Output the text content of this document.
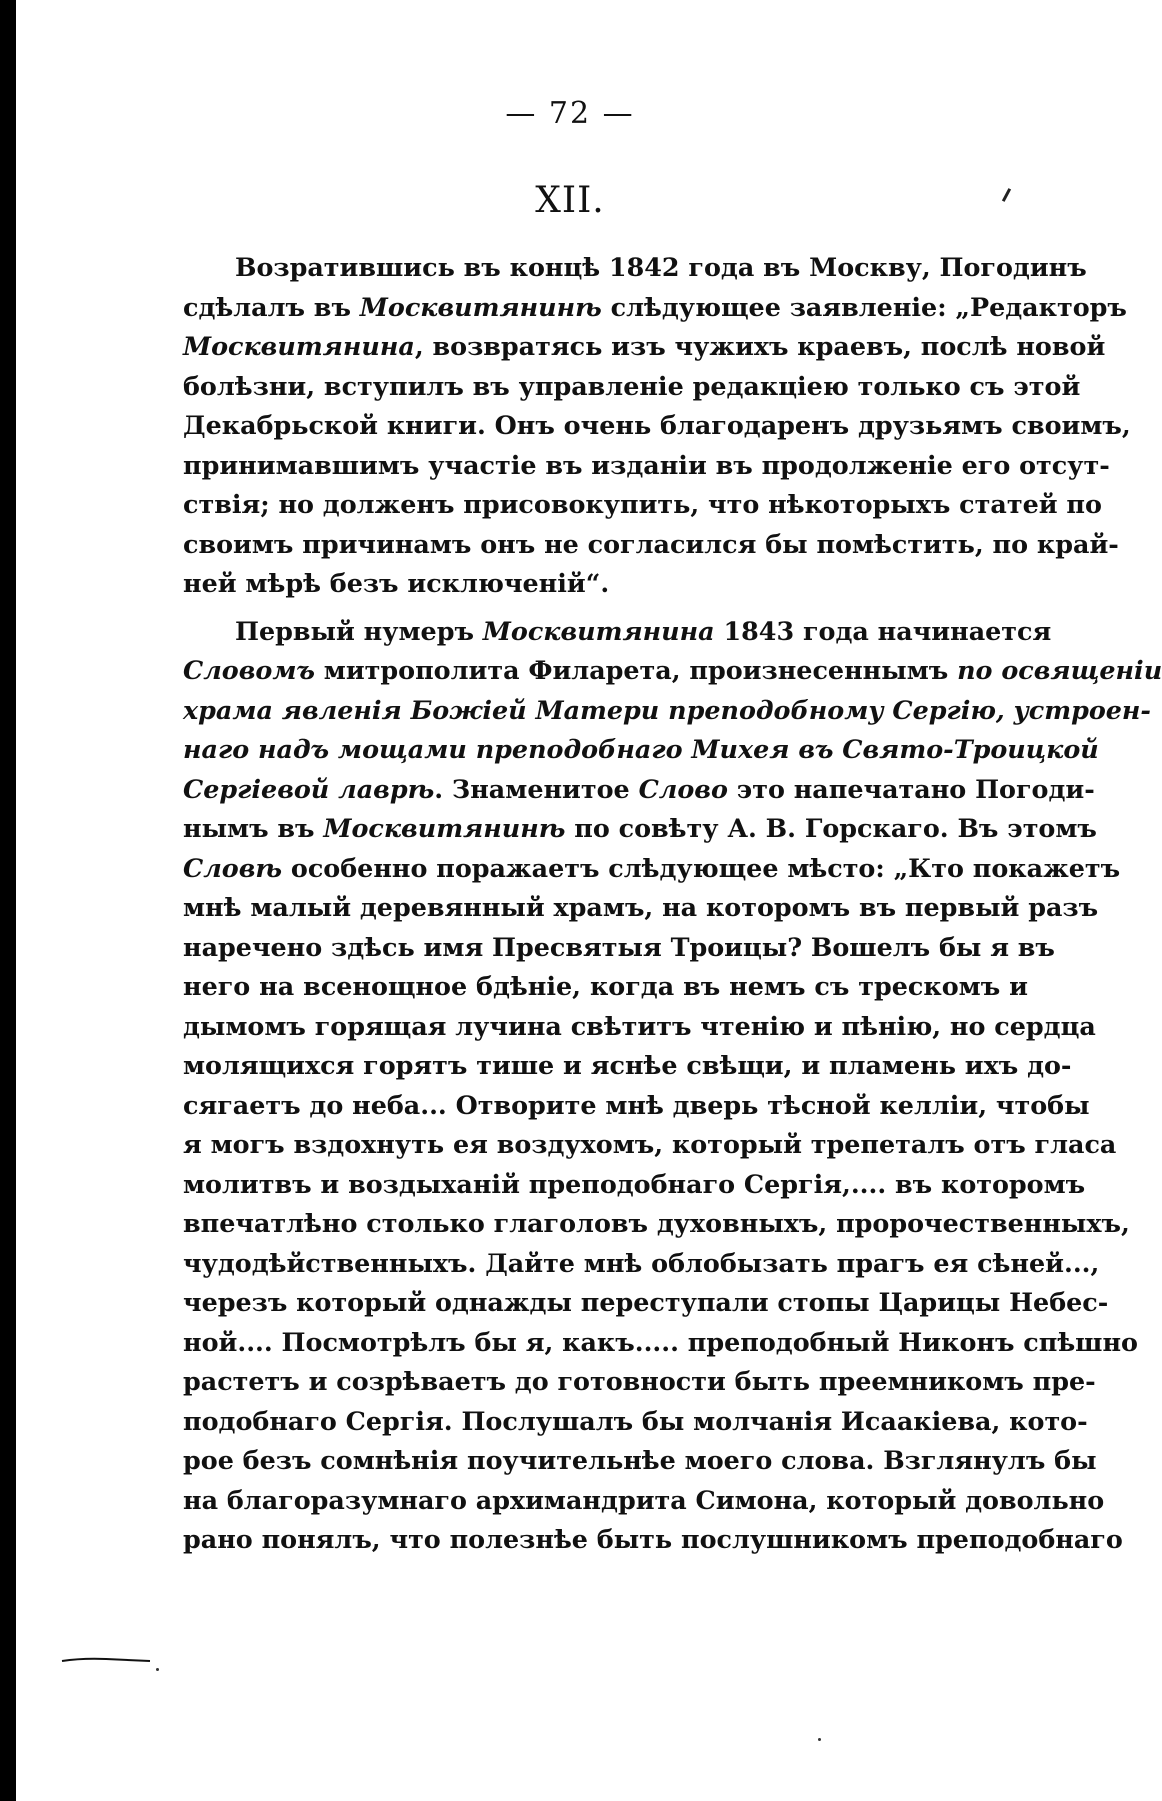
— 72 —
XII.
Возратившись въ концѣ 1842 года въ Москву, Погодинъ
сдѣлалъ въ Москвитянинѣ слѣдующее заявленіе: „Редакторъ
Москвитянина, возвратясь изъ чужихъ краевъ, послѣ новой
болѣзни, вступилъ въ управленіе редакціею только съ этой
Декабрьской книги. Онъ очень благодаренъ друзьямъ своимъ,
принимавшимъ участіе въ изданіи въ продолженіе его отсут-
ствія; но долженъ присовокупить, что нѣкоторыхъ статей по
своимъ причинамъ онъ не согласился бы помѣстить, по край-
ней мѣрѣ безъ исключеній“.
Первый нумеръ Москвитянина 1843 года начинается
Словомъ митрополита Филарета, произнесеннымъ по освященіи
храма явленія Божіей Матери преподобному Сергію, устроен-
наго надъ мощами преподобнаго Михея въ Свято-Троицкой
Сергіевой лаврѣ. Знаменитое Слово это напечатано Погоди-
нымъ въ Москвитянинѣ по совѣту А. В. Горскаго. Въ этомъ
Словѣ особенно поражаетъ слѣдующее мѣсто: „Кто покажетъ
мнѣ малый деревянный храмъ, на которомъ въ первый разъ
наречено здѣсь имя Пресвятыя Троицы? Вошелъ бы я въ
него на всенощное бдѣніе, когда въ немъ съ трескомъ и
дымомъ горящая лучина свѣтитъ чтенію и пѣнію, но сердца
молящихся горятъ тише и яснѣе свѣщи, и пламень ихъ до-
сягаетъ до неба... Отворите мнѣ дверь тѣсной келліи, чтобы
я могъ вздохнуть ея воздухомъ, который трепеталъ отъ гласа
молитвъ и воздыханій преподобнаго Сергія,.... въ которомъ
впечатлѣно столько глаголовъ духовныхъ, пророчественныхъ,
чудодѣйственныхъ. Дайте мнѣ облобызать прагъ ея сѣней...,
черезъ который однажды переступали стопы Царицы Небес-
ной.... Посмотрѣлъ бы я, какъ..... преподобный Никонъ спѣшно
растетъ и созрѣваетъ до готовности быть преемникомъ пре-
подобнаго Сергія. Послушалъ бы молчанія Исаакіева, кото-
рое безъ сомнѣнія поучительнѣе моего слова. Взглянулъ бы
на благоразумнаго архимандрита Симона, который довольно
рано понялъ, что полезнѣе быть послушникомъ преподобнаго
